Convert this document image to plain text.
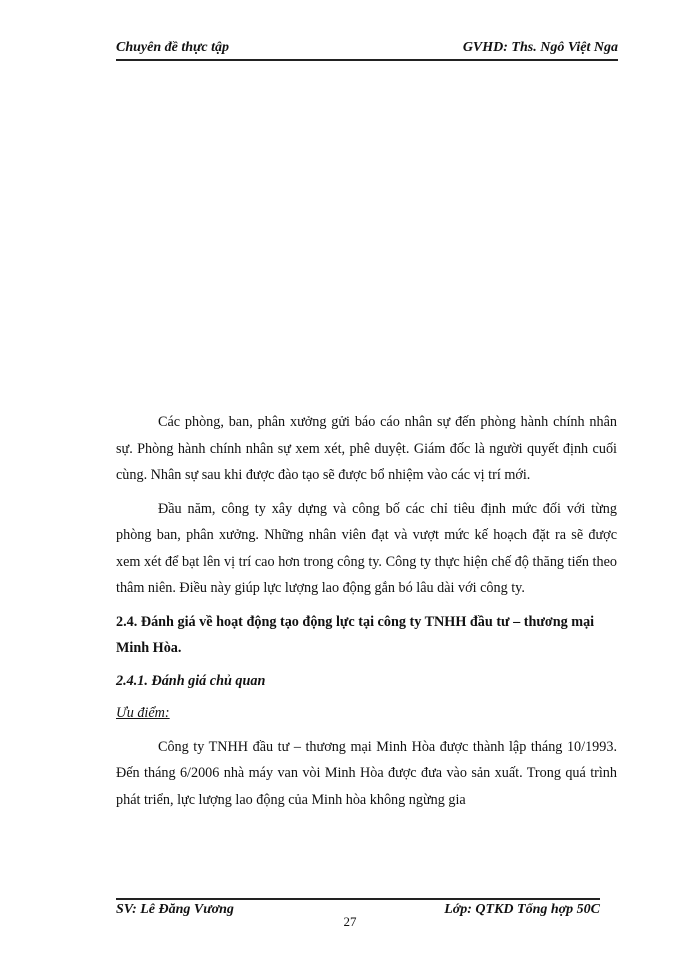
Chuyên đề thực tập	GVHD: Ths. Ngô Việt Nga

Các phòng, ban, phân xưởng gửi báo cáo nhân sự đến phòng hành chính nhân sự. Phòng hành chính nhân sự xem xét, phê duyệt. Giám đốc là người quyết định cuối cùng. Nhân sự sau khi được đào tạo sẽ được bổ nhiệm vào các vị trí mới.

Đầu năm, công ty xây dựng và công bố các chỉ tiêu định mức đối với từng phòng ban, phân xưởng. Những nhân viên đạt và vượt mức kế hoạch đặt ra sẽ được xem xét để bạt lên vị trí cao hơn trong công ty. Công ty thực hiện chế độ thăng tiến theo thâm niên. Điều này giúp lực lượng lao động gắn bó lâu dài với công ty.

2.4. Đánh giá về hoạt động tạo động lực tại công ty TNHH đầu tư – thương mại Minh Hòa.
2.4.1. Đánh giá chủ quan
Ưu điểm:

Công ty TNHH đầu tư – thương mại Minh Hòa được thành lập tháng 10/1993. Đến tháng 6/2006 nhà máy van vòi Minh Hòa được đưa vào sản xuất. Trong quá trình phát triển, lực lượng lao động của Minh hòa không ngừng gia

SV: Lê Đăng Vương	Lớp: QTKD Tổng hợp 50C
27
